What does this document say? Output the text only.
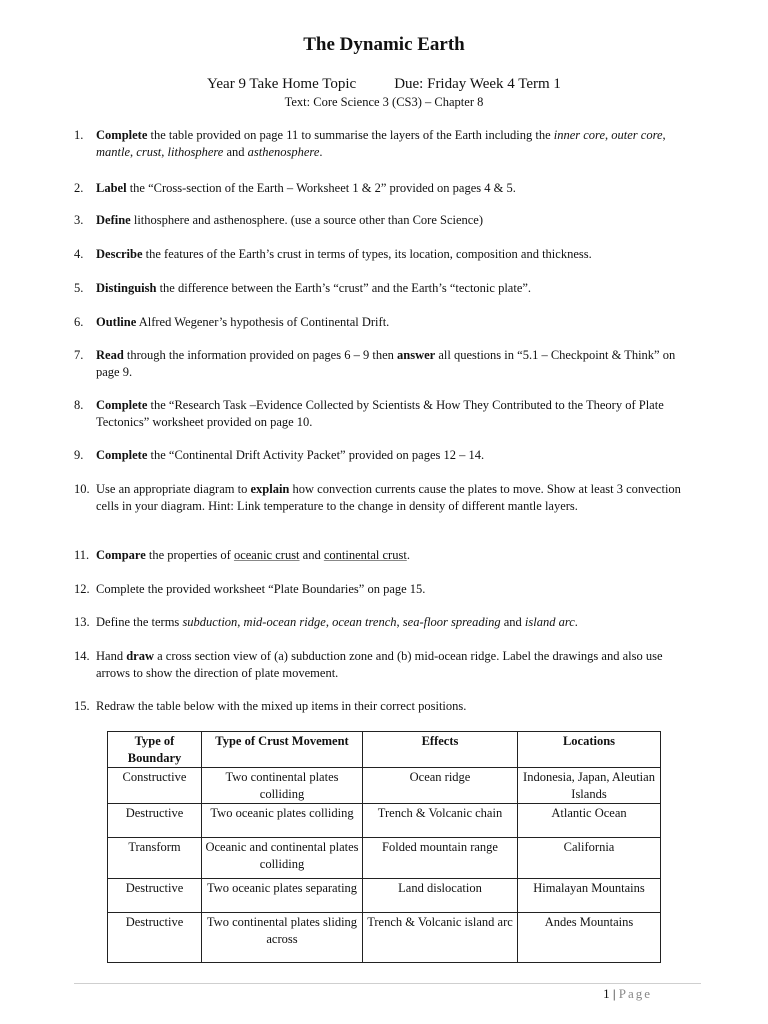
The Dynamic Earth
Year 9 Take Home Topic	Due: Friday Week 4 Term 1
Text: Core Science 3 (CS3) – Chapter 8
1. Complete the table provided on page 11 to summarise the layers of the Earth including the inner core, outer core, mantle, crust, lithosphere and asthenosphere.
2. Label the “Cross-section of the Earth – Worksheet 1 & 2” provided on pages 4 & 5.
3. Define lithosphere and asthenosphere. (use a source other than Core Science)
4. Describe the features of the Earth’s crust in terms of types, its location, composition and thickness.
5. Distinguish the difference between the Earth’s “crust” and the Earth’s “tectonic plate”.
6. Outline Alfred Wegener’s hypothesis of Continental Drift.
7. Read through the information provided on pages 6 – 9 then answer all questions in “5.1 – Checkpoint & Think” on page 9.
8. Complete the “Research Task –Evidence Collected by Scientists & How They Contributed to the Theory of Plate Tectonics” worksheet provided on page 10.
9. Complete the “Continental Drift Activity Packet” provided on pages 12 – 14.
10. Use an appropriate diagram to explain how convection currents cause the plates to move. Show at least 3 convection cells in your diagram. Hint: Link temperature to the change in density of different mantle layers.
11. Compare the properties of oceanic crust and continental crust.
12. Complete the provided worksheet “Plate Boundaries” on page 15.
13. Define the terms subduction, mid-ocean ridge, ocean trench, sea-floor spreading and island arc.
14. Hand draw a cross section view of (a) subduction zone and (b) mid-ocean ridge. Label the drawings and also use arrows to show the direction of plate movement.
15. Redraw the table below with the mixed up items in their correct positions.
Type of Boundary	Type of Crust Movement	Effects	Locations
Constructive	Two continental plates colliding	Ocean ridge	Indonesia, Japan, Aleutian Islands
Destructive	Two oceanic plates colliding	Trench & Volcanic chain	Atlantic Ocean
Transform	Oceanic and continental plates colliding	Folded mountain range	California
Destructive	Two oceanic plates separating	Land dislocation	Himalayan Mountains
Destructive	Two continental plates sliding across	Trench & Volcanic island arc	Andes Mountains
1 | Page
